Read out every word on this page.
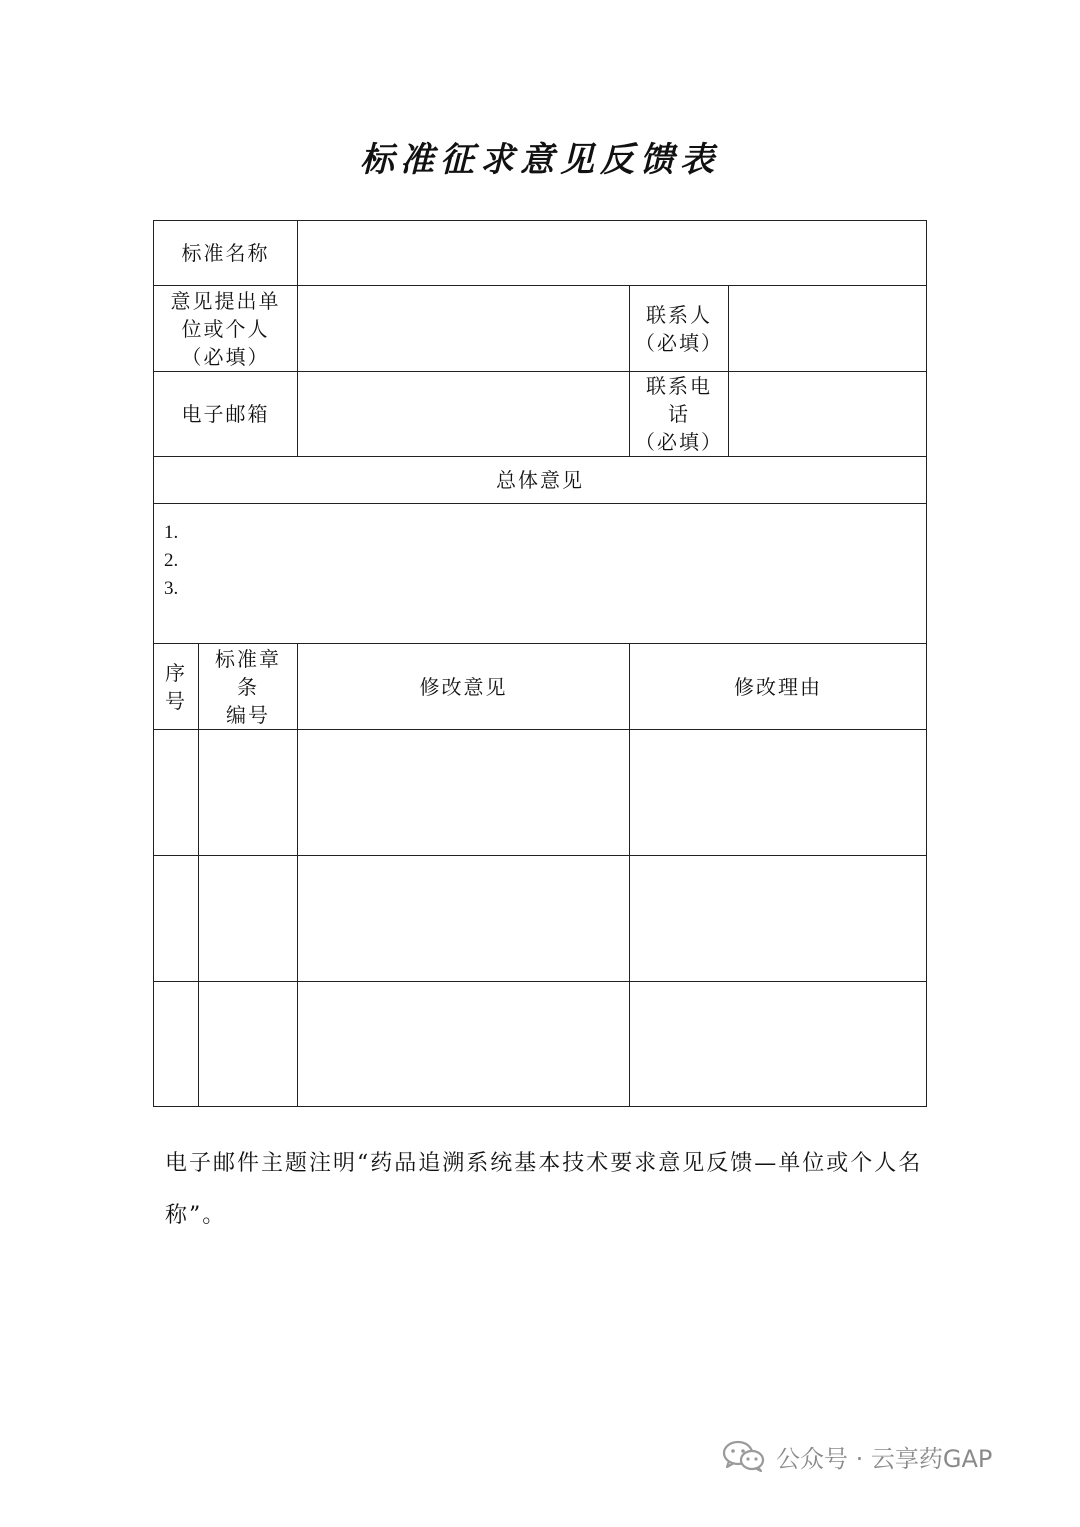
标准征求意见反馈表
标准名称
意见提出单
位或个人
（必填）
联系人
（必填）
电子邮箱
联系电
话
（必填）
总体意见
1.
2.
3.
序
号
标准章
条
编号
修改意见	修改理由
电子邮件主题注明“药品追溯系统基本技术要求意见反馈—单位或个人名称”。
公众号 · 云享药GAP
